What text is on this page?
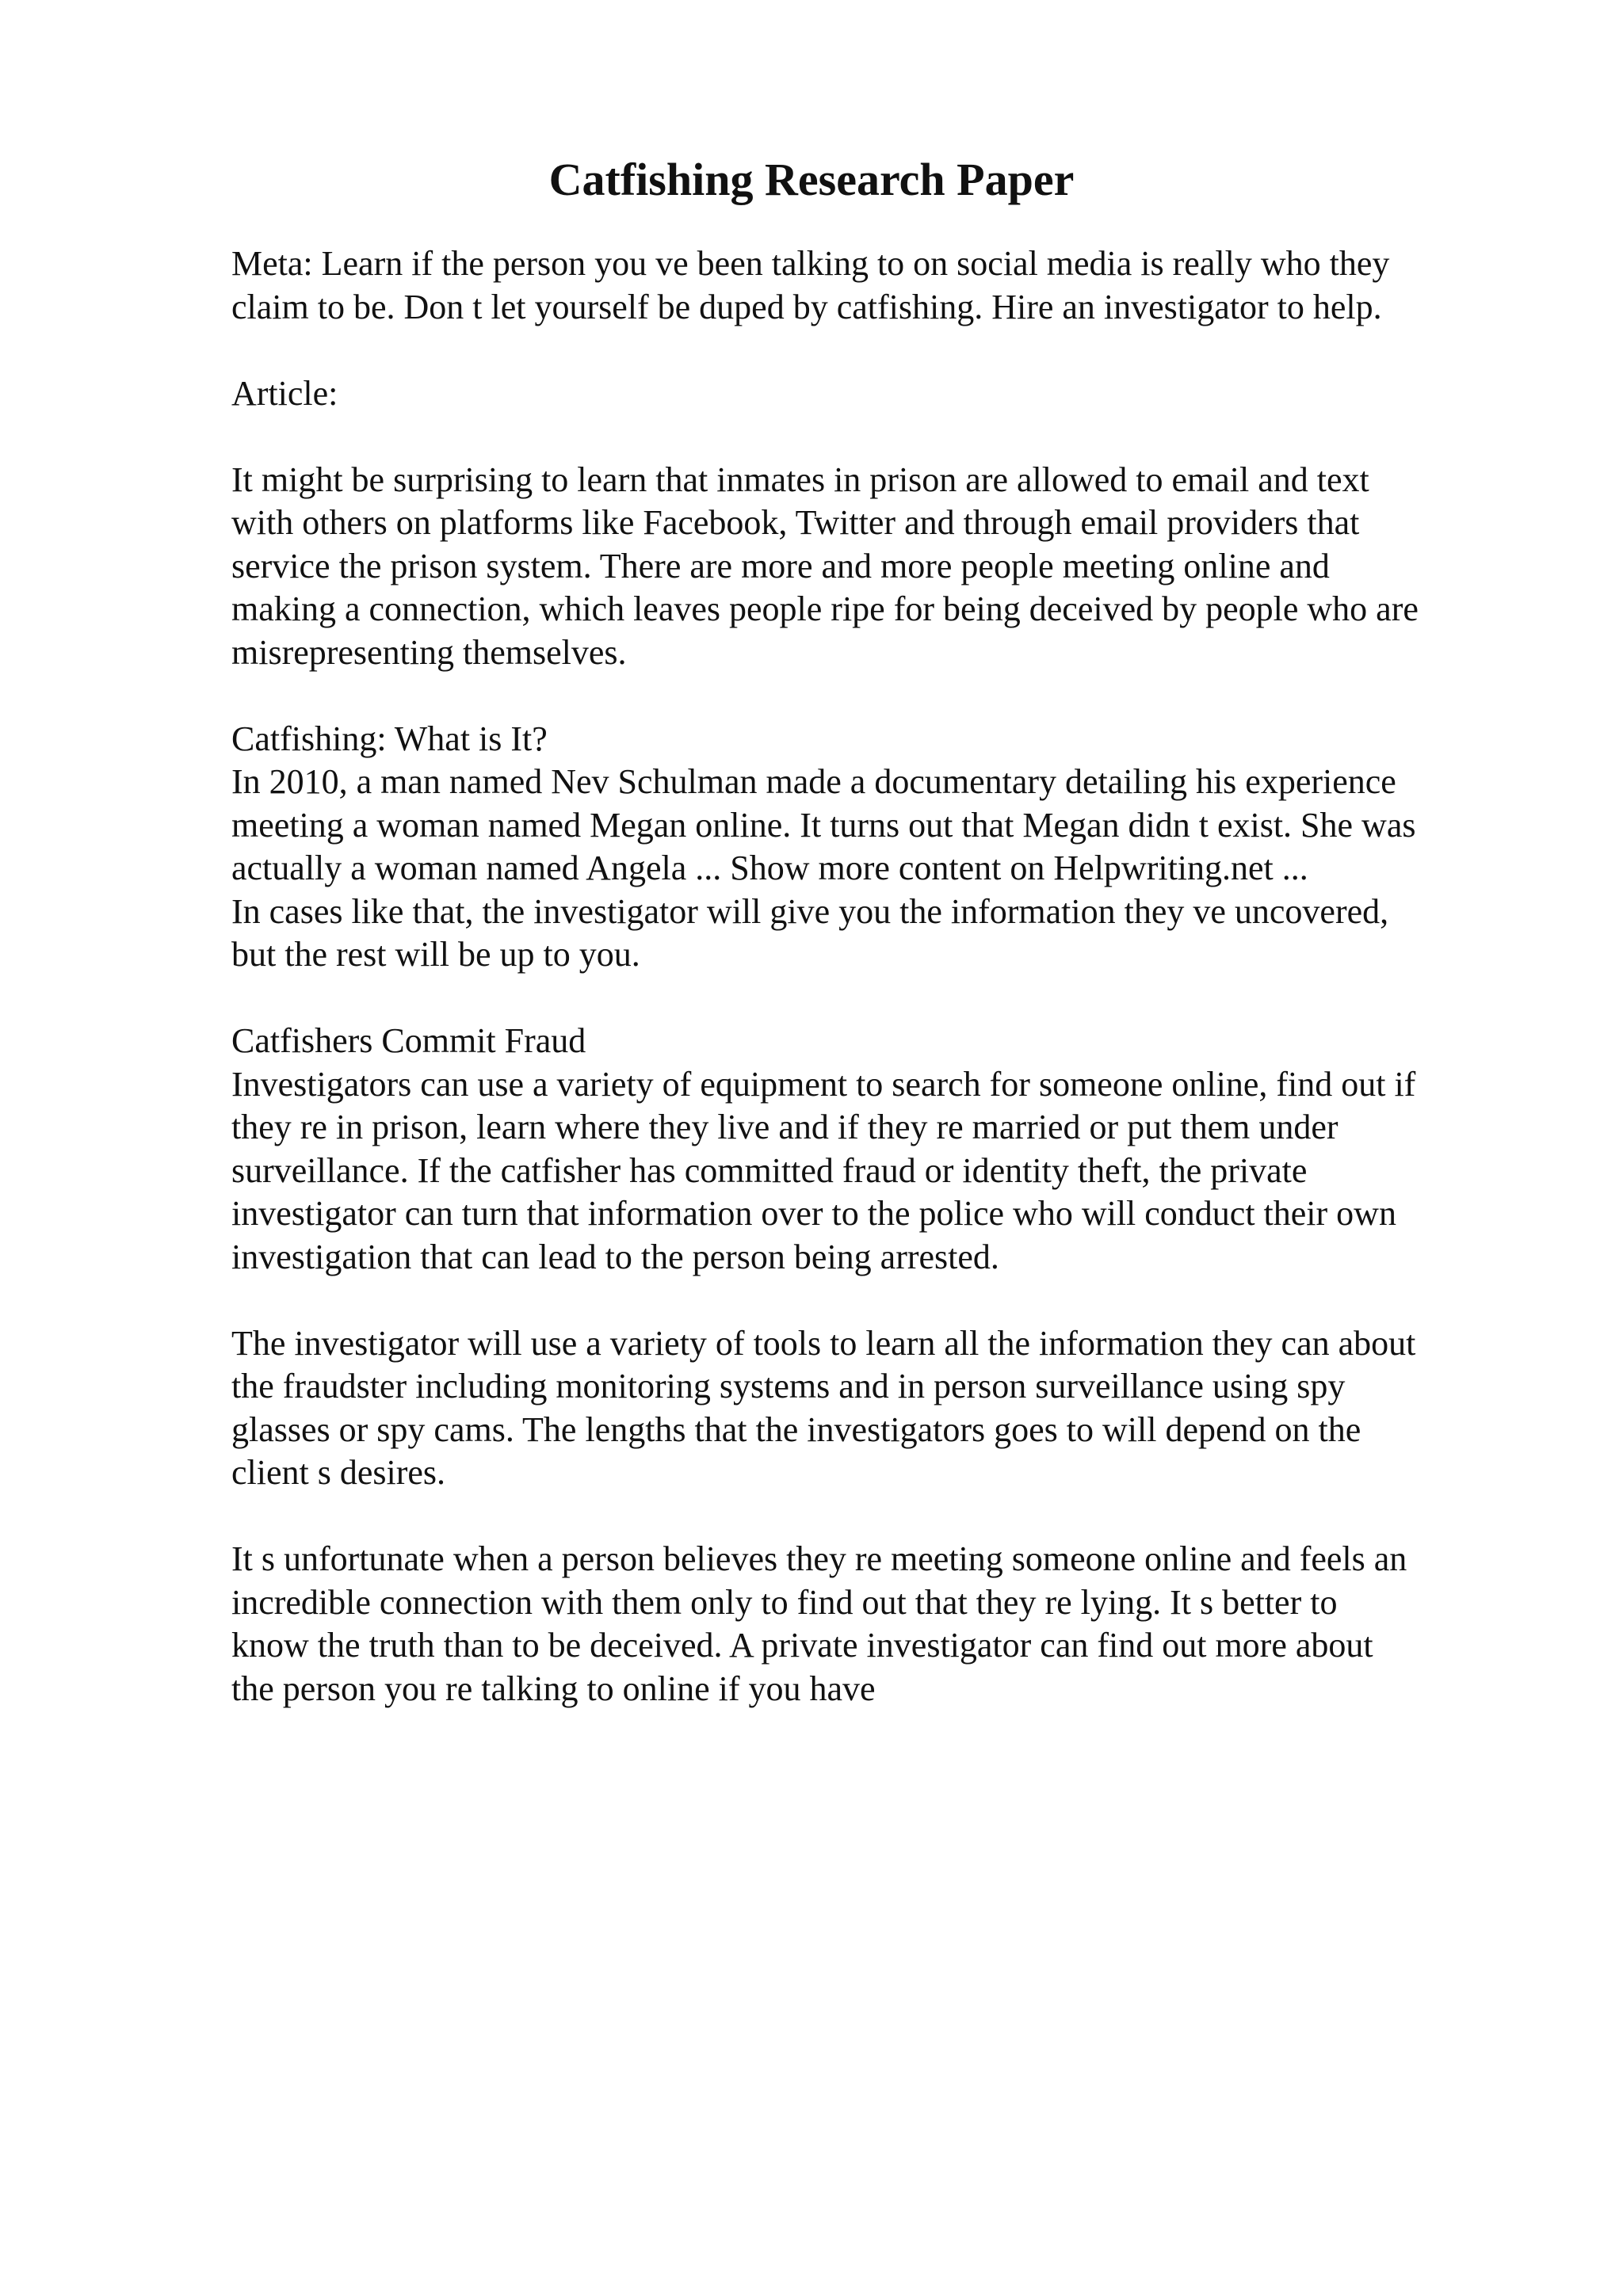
Catfishing Research Paper
Meta: Learn if the person you ve been talking to on social media is really who they
claim to be. Don t let yourself be duped by catfishing. Hire an investigator to help.
Article:
It might be surprising to learn that inmates in prison are allowed to email and text
with others on platforms like Facebook, Twitter and through email providers that
service the prison system. There are more and more people meeting online and
making a connection, which leaves people ripe for being deceived by people who are
misrepresenting themselves.
Catfishing: What is It?
In 2010, a man named Nev Schulman made a documentary detailing his experience
meeting a woman named Megan online. It turns out that Megan didn t exist. She was
actually a woman named Angela ... Show more content on Helpwriting.net ...
In cases like that, the investigator will give you the information they ve uncovered,
but the rest will be up to you.
Catfishers Commit Fraud
Investigators can use a variety of equipment to search for someone online, find out if
they re in prison, learn where they live and if they re married or put them under
surveillance. If the catfisher has committed fraud or identity theft, the private
investigator can turn that information over to the police who will conduct their own
investigation that can lead to the person being arrested.
The investigator will use a variety of tools to learn all the information they can about
the fraudster including monitoring systems and in person surveillance using spy
glasses or spy cams. The lengths that the investigators goes to will depend on the
client s desires.
It s unfortunate when a person believes they re meeting someone online and feels an
incredible connection with them only to find out that they re lying. It s better to
know the truth than to be deceived. A private investigator can find out more about
the person you re talking to online if you have
